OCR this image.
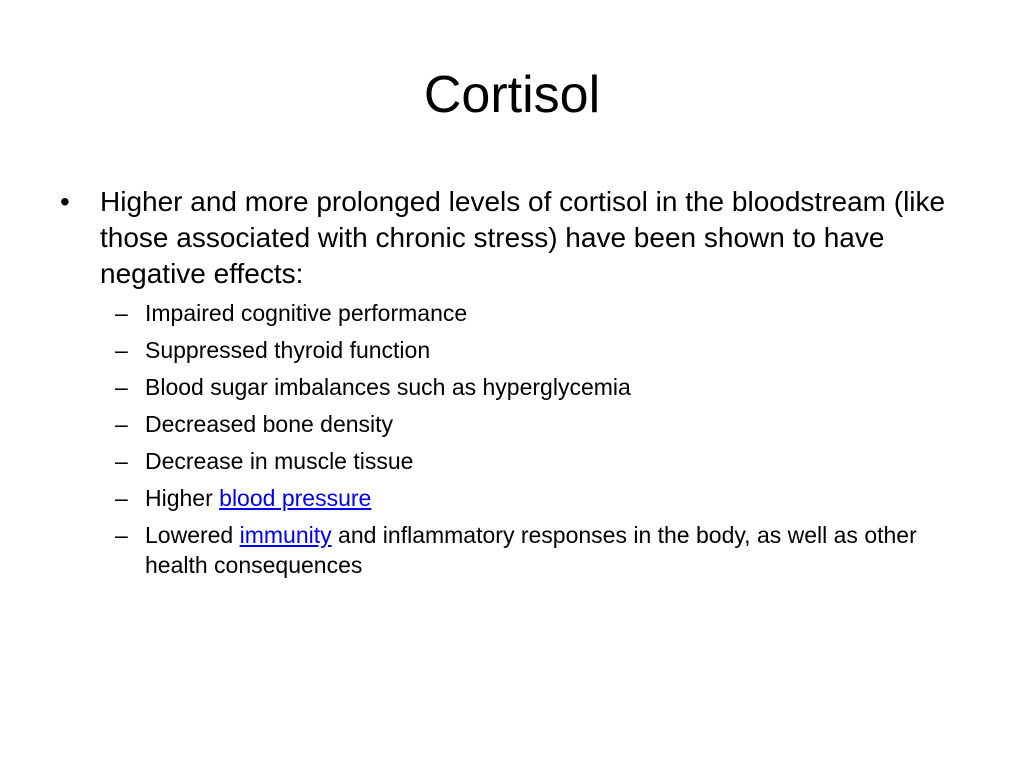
Cortisol
•	Higher and more prolonged levels of cortisol in the bloodstream (like those associated with chronic stress) have been shown to have negative effects:
– Impaired cognitive performance
– Suppressed thyroid function
– Blood sugar imbalances such as hyperglycemia
– Decreased bone density
– Decrease in muscle tissue
– Higher blood pressure
– Lowered immunity and inflammatory responses in the body, as well as other health consequences
